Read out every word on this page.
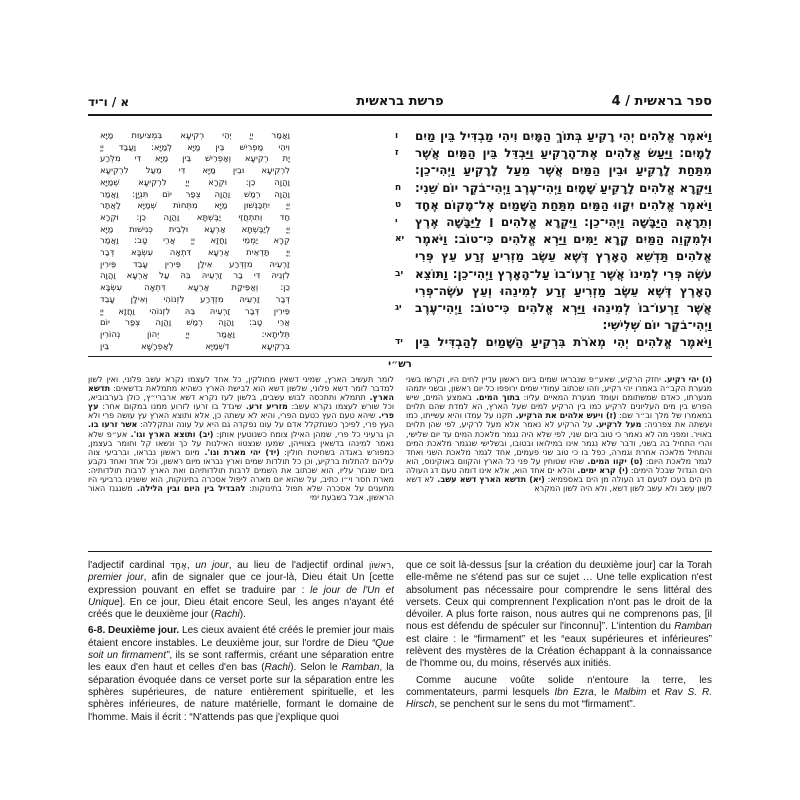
ספר בראשית / 4
פרשת בראשית
א / ו־יד
וַאֲמַר יְיָ יְהֵי רְקִיעָא בִּמְצִיעוּת מַיָּא
וִיהֵי מַפְרִישׁ בֵּין מַיָּא לְמַיָּא: וַעֲבַד יְיָ
יָת רְקִיעָא וְאַפְרֵישׁ בֵּין מַיָּא דִּי מִלְּרַע
לִרְקִיעָא וּבֵין מַיָּא דִּי מֵעַל לִרְקִיעָא
וַהֲוָה כֵן: וּקְרָא יְיָ לִרְקִיעָא שְׁמַיָּא
וַהֲוָה רְמַשׁ וַהֲוָה צְפַר יוֹם תִּנְיָן: וַאֲמַר
יְיָ יִתְכַּנְּשׁוּן מַיָּא מִתְּחוֹת שְׁמַיָּא לַאֲתַר
חַד וְתִתְחֲזֵי יַבֶּשְׁתָּא וַהֲוָה כֵן: וּקְרָא
יְיָ לְיַבֶּשְׁתָּא אַרְעָא וּלְבֵית כְּנִישׁוּת מַיָּא
קְרָא יַמְמֵי וַחֲזָא יְיָ אֲרֵי טָב: וַאֲמַר
יְיָ תַּדְאֵית אַרְעָא דִּתְאָה עִשְׂבָּא דְּבַר
זַרְעֵיהּ מִזְדְּרַע אִילַן פֵּירִין עָבֵד פֵּירִין
לִזְנֵיהּ דִּי בַר זַרְעֵיהּ בֵּהּ עַל אַרְעָא וַהֲוָה
כֵן: וְאַפֵּיקַת אַרְעָא דִּתְאָה עִשְׂבָּא
דְּבַר זַרְעֵיהּ מִזְדְּרַע לִזְנוֹהִי וְאִילָן עָבֵד
פֵּירִין דְּבַר זַרְעֵיהּ בֵּהּ לִזְנוֹהִי וַחֲזָא יְיָ
אֲרֵי טָב: וַהֲוָה רְמַשׁ וַהֲוָה צְפַר יוֹם
תְּלִיתָאי: וַאֲמַר יְיָ יְהוֹן נְהוֹרִין
בִּרְקִיעָא דִשְׁמַיָּא לְאַפְרָשָׁא בֵּין
ו וַיֹּאמֶר אֱלֹהִים יְהִי רָקִיעַ בְּתוֹךְ הַמָּיִם וִיהִי מַבְדִּיל בֵּין מַיִם
ז לָמָיִם: וַיַּעַשׂ אֱלֹהִים אֶת־הָרָקִיעַ וַיַּבְדֵּל בֵּין הַמַּיִם אֲשֶׁר
מִתַּחַת לָרָקִיעַ וּבֵין הַמַּיִם אֲשֶׁר מֵעַל לָרָקִיעַ וַיְהִי־כֵן:
ח וַיִּקְרָא אֱלֹהִים לָרָקִיעַ שָׁמָיִם וַיְהִי־עֶרֶב וַיְהִי־בֹקֶר יוֹם שֵׁנִי:
ט וַיֹּאמֶר אֱלֹהִים יִקָּווּ הַמַּיִם מִתַּחַת הַשָּׁמַיִם אֶל־מָקוֹם אֶחָד
י וְתֵרָאֶה הַיַּבָּשָׁה וַיְהִי־כֵן: וַיִּקְרָא אֱלֹהִים ׀ לַיַּבָּשָׁה אֶרֶץ
יא וּלְמִקְוֵה הַמַּיִם קָרָא יַמִּים וַיַּרְא אֱלֹהִים כִּי־טוֹב: וַיֹּאמֶר
אֱלֹהִים תַּדְשֵׁא הָאָרֶץ דֶּשֶׁא עֵשֶׂב מַזְרִיעַ זֶרַע עֵץ פְּרִי
יב עֹשֶׂה פְּרִי לְמִינוֹ אֲשֶׁר זַרְעוֹ־בוֹ עַל־הָאָרֶץ וַיְהִי־כֵן: וַתּוֹצֵא
הָאָרֶץ דֶּשֶׁא עֵשֶׂב מַזְרִיעַ זֶרַע לְמִינֵהוּ וְעֵץ עֹשֶׂה־פְּרִי
יג אֲשֶׁר זַרְעוֹ־בוֹ לְמִינֵהוּ וַיַּרְא אֱלֹהִים כִּי־טוֹב: וַיְהִי־עֶרֶב
וַיְהִי־בֹקֶר יוֹם שְׁלִישִׁי:
יד וַיֹּאמֶר אֱלֹהִים יְהִי מְאֹרֹת בִּרְקִיעַ הַשָּׁמַיִם לְהַבְדִּיל בֵּין
רש״י
(ו) יהי רקיע. יחזק הרקיע, שאע״פ שנבראו שמים ביום ראשון עדיין לחים היו, וקרשו בשני מגערת הקב״ה באמרו יהי רקיע, וזהו שכתוב עמודי שמים ירופפו כל יום ראשון, ובשני יתמהו מגערתו, כאדם שמשתומם ועומד מגערת המאיים עליו: בתוך המים. באמצע המים, שיש הפרש בין מים העליונים לרקיע כמו בין הרקיע למים שעל הארץ, הא למדת שהם תלוים במאמרו של מלך וב״ר שם: (ז) ויעש אלהים את הרקיע. תקנו על עמדו והיא עשייתו, כמו ועשתה את צפרניה: מעל לרקיע. על הרקיע לא נאמר אלא מעל לרקיע, לפי שהן תלוים באויר. ומפני מה לא נאמר כי טוב ביום שני, לפי שלא היה נגמר מלאכת המים עד יום שלישי, והרי התחיל בה בשני, ודבר שלא נגמר אינו במילואו ובטובו, ובשלישי שנגמר מלאכת המים והתחיל מלאכה אחרת וגמרה, כפל בו כי טוב שני פעמים, אחד לגמר מלאכת השני ואחד לגמר מלאכת היום: (ט) יקוו המים. שהיו שטוחין על פני כל הארץ והקוום באוקינוס, הוא הים הגדול שבכל הימים: (י) קרא ימים. והלא ים אחד הוא, אלא אינו דומה טעם דג העולה מן הים בעכו לטעם דג העולה מן הים באספמיא: (יא) תדשא הארץ דשא עשב. לא דשא לשון עשב ולא עשב לשון דשא, ולא היה לשון המקרא
לומר תעשיב הארץ, שמיני דשאין מחולקין, כל אחד לעצמו נקרא עשב פלוני, ואין לשון למדבר לומר דשא פלוני, שלשון דשא הוא לבישת הארץ כשהיא מתמלאת בדשאים: תדשא הארץ. תתמלא ותתכסה לבוש עשבים, בלשון לעז נקרא דשא ארברי״ץ, כולן בערבוביא, וכל שורש לעצמו נקרא עשב: מזריע זרע. שיגדל בו זרעו לזרוע ממנו במקום אחר: עץ פרי. שיהא טעם העץ כטעם הפרי, והיא לא עשתה כן, אלא ותוצא הארץ עץ עושה פרי ולא העץ פרי, לפיכך כשנתקלל אדם על עונו נפקדה גם היא על עונה ונתקללה: אשר זרעו בו. הן גרעיני כל פרי, שמהן האילן צומח כשנוטעין אותן: (יב) ותוצא הארץ וגו'. אע״פ שלא נאמר למינהו בדשאין בצווייהן, שמעו שנצטוו האילנות על כך ונשאו קל וחומר בעצמן, כמפורש באגדה בשחיטת חולין: (יד) יהי מארת וגו'. מיום ראשון נבראו, וברביעי צוה עליהם להתלות ברקיע, וכן כל תולדות שמים וארץ נבראו מיום ראשון, וכל אחד ואחד נקבע ביום שנגזר עליו, הוא שכתוב את השמים לרבות תולדותיהם ואת הארץ לרבות תולדותיה: מארת חסר וי״ו כתיב, על שהוא יום מארה ליפול אסכרה בתינוקות, הוא ששנינו ברביעי היו מתענים על אסכרה שלא תפול בתינוקות: להבדיל בין היום ובין הלילה. משנגנז האור הראשון, אבל בשבעת ימי

l'adjectif cardinal אֶחָד, un jour, au lieu de l'adjectif ordinal רִאשׁוֹן, premier jour, afin de signaler que ce jour-là, Dieu était Un [cette expression pouvant en effet se traduire par : le jour de l'Un et Unique]. En ce jour, Dieu était encore Seul, les anges n'ayant été créés que le deuxième jour (Rachi).

6-8. Deuxième jour. Les cieux avaient été créés le premier jour mais étaient encore instables. Le deuxième jour, sur l'ordre de Dieu “Que soit un firmament”, ils se sont raffermis, créant une séparation entre les eaux d'en haut et celles d'en bas (Rachi). Selon le Ramban, la séparation évoquée dans ce verset porte sur la séparation entre les sphères supérieures, de nature entièrement spirituelle, et les sphères inférieures, de nature matérielle, formant le domaine de l'homme. Mais il écrit : “N'attends pas que j'explique quoi

que ce soit là-dessus [sur la création du deuxième jour] car la Torah elle-même ne s'étend pas sur ce sujet … Une telle explication n'est absolument pas nécessaire pour comprendre le sens littéral des versets. Ceux qui comprennent l'explication n'ont pas le droit de la dévoiler. A plus forte raison, nous autres qui ne comprenons pas, [il nous est défendu de spéculer sur l'inconnu]”. L'intention du Ramban est claire : le “firmament” et les “eaux supérieures et inférieures” relèvent des mystères de la Création échappant à la connaissance de l'homme ou, du moins, réservés aux initiés.

Comme aucune voûte solide n'entoure la terre, les commentateurs, parmi lesquels Ibn Ezra, le Malbim et Rav S. R. Hirsch, se penchent sur le sens du mot “firmament”.
